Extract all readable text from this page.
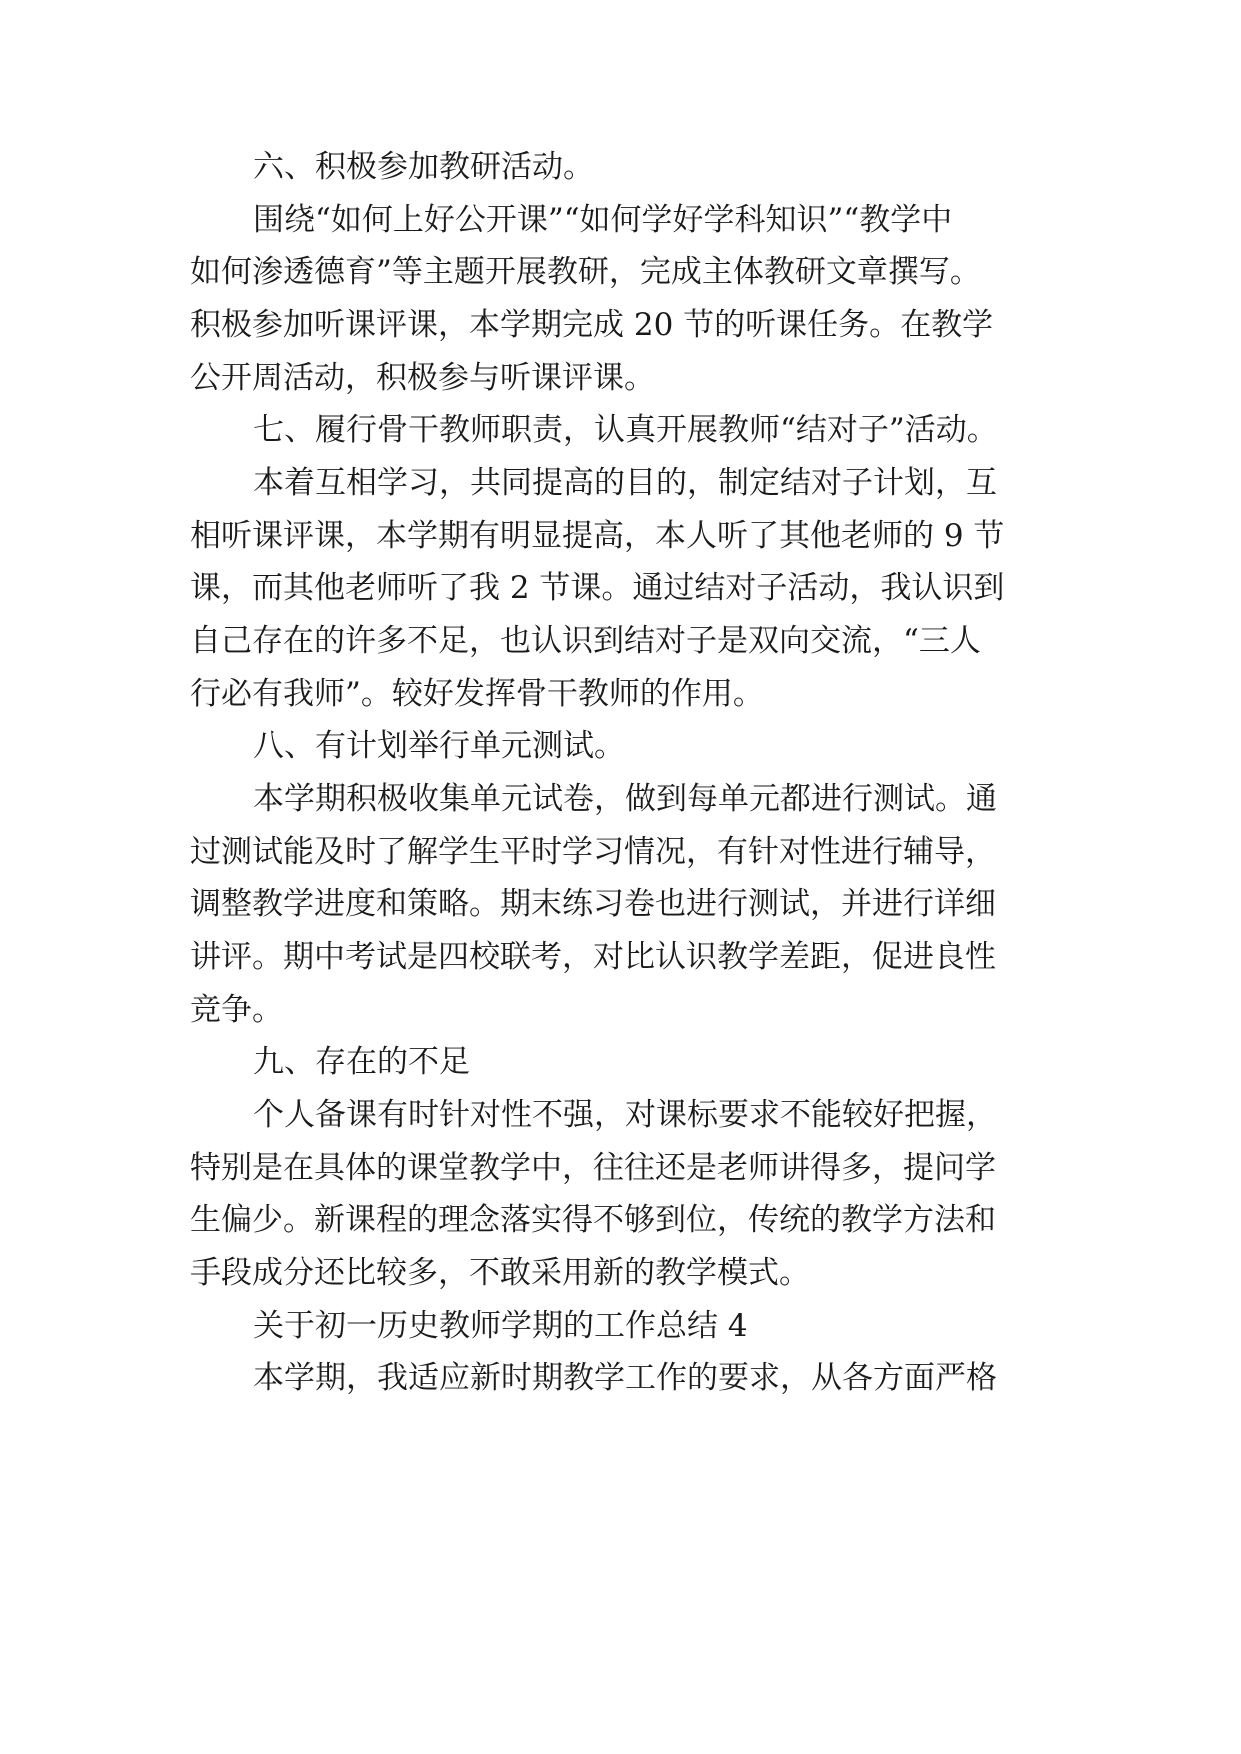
六、积极参加教研活动。

围绕“如何上好公开课”“如何学好学科知识”“教学中

如何渗透德育”等主题开展教研，完成主体教研文章撰写。

积极参加听课评课，本学期完成 20 节的听课任务。在教学

公开周活动，积极参与听课评课。

七、履行骨干教师职责，认真开展教师“结对子”活动。

本着互相学习，共同提高的目的，制定结对子计划，互

相听课评课，本学期有明显提高，本人听了其他老师的 9 节

课，而其他老师听了我 2 节课。通过结对子活动，我认识到

自己存在的许多不足，也认识到结对子是双向交流，“三人

行必有我师”。较好发挥骨干教师的作用。

八、有计划举行单元测试。

本学期积极收集单元试卷，做到每单元都进行测试。通

过测试能及时了解学生平时学习情况，有针对性进行辅导，

调整教学进度和策略。期末练习卷也进行测试，并进行详细

讲评。期中考试是四校联考，对比认识教学差距，促进良性

竞争。

九、存在的不足

个人备课有时针对性不强，对课标要求不能较好把握，

特别是在具体的课堂教学中，往往还是老师讲得多，提问学

生偏少。新课程的理念落实得不够到位，传统的教学方法和

手段成分还比较多，不敢采用新的教学模式。

关于初一历史教师学期的工作总结 4

本学期，我适应新时期教学工作的要求，从各方面严格
